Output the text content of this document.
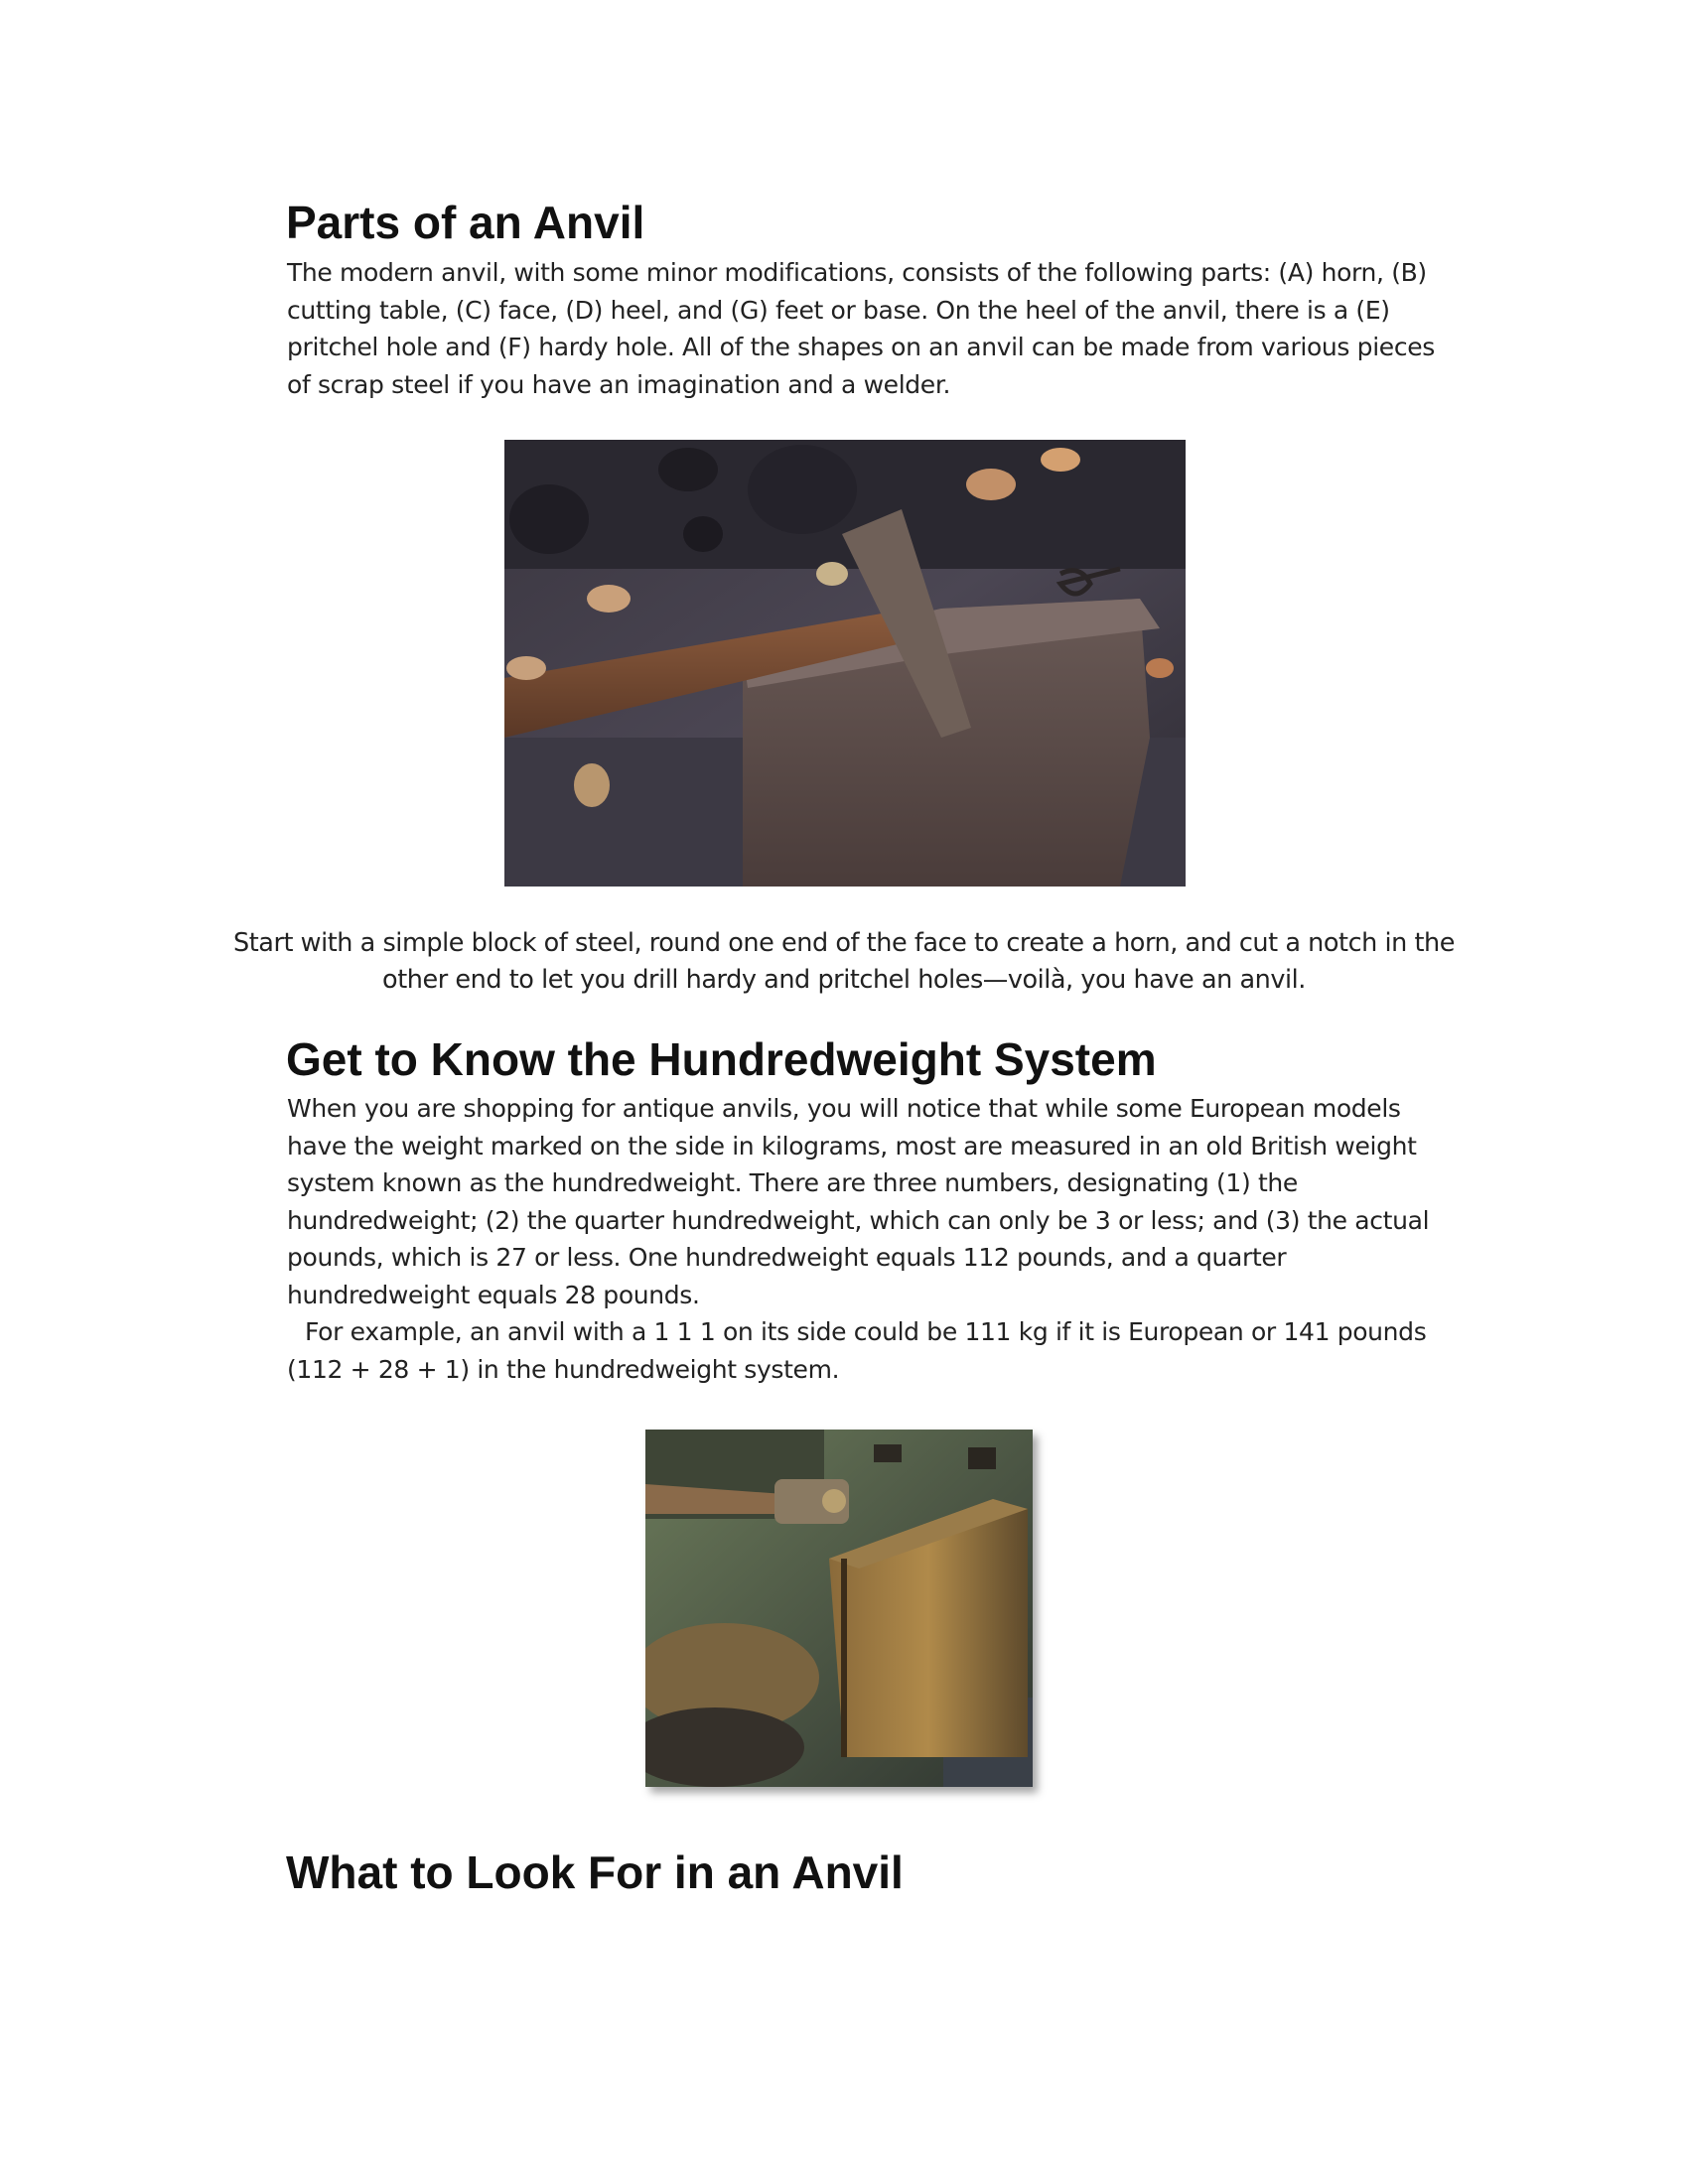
Parts of an Anvil

The modern anvil, with some minor modifications, consists of the following parts: (A) horn, (B) cutting table, (C) face, (D) heel, and (G) feet or base. On the heel of the anvil, there is a (E) pritchel hole and (F) hardy hole. All of the shapes on an anvil can be made from various pieces of scrap steel if you have an imagination and a welder.

Start with a simple block of steel, round one end of the face to create a horn, and cut a notch in the other end to let you drill hardy and pritchel holes—voilà, you have an anvil.

Get to Know the Hundredweight System

When you are shopping for antique anvils, you will notice that while some European models have the weight marked on the side in kilograms, most are measured in an old British weight system known as the hundredweight. There are three numbers, designating (1) the hundredweight; (2) the quarter hundredweight, which can only be 3 or less; and (3) the actual pounds, which is 27 or less. One hundredweight equals 112 pounds, and a quarter hundredweight equals 28 pounds.

For example, an anvil with a 1 1 1 on its side could be 111 kg if it is European or 141 pounds (112 + 28 + 1) in the hundredweight system.

What to Look For in an Anvil
